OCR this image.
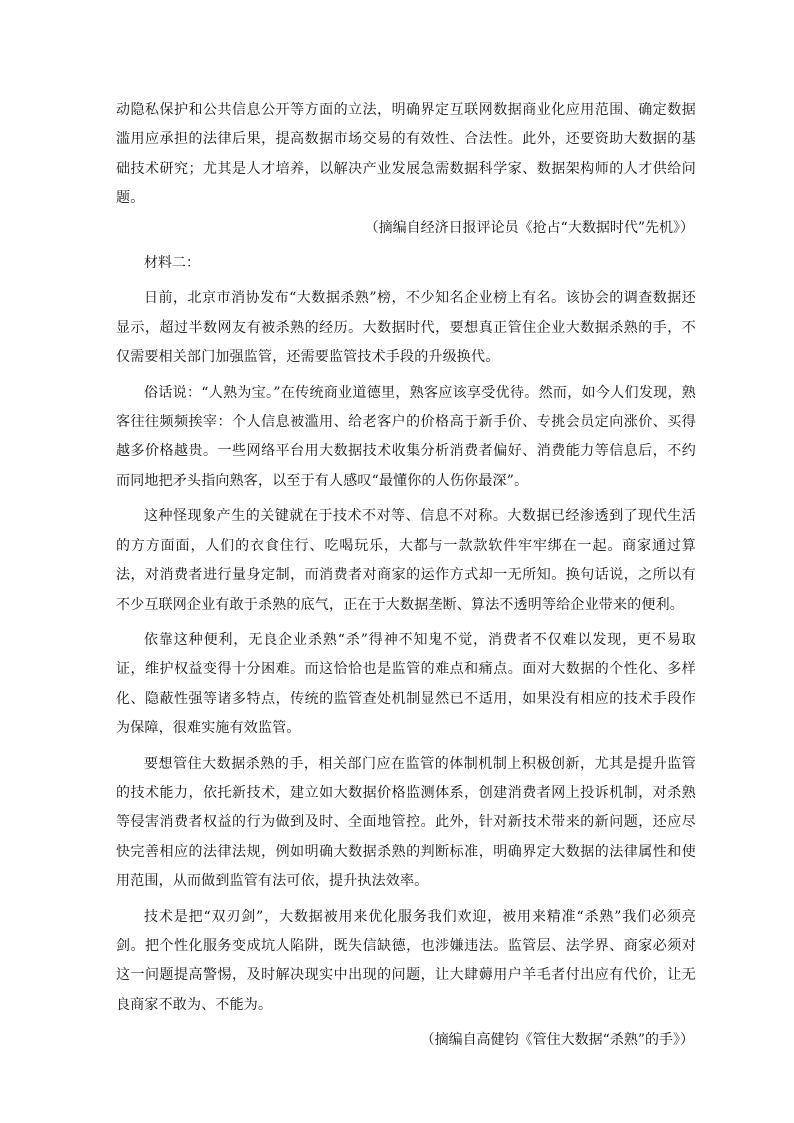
动隐私保护和公共信息公开等方面的立法，明确界定互联网数据商业化应用范围、确定数据滥用应承担的法律后果，提高数据市场交易的有效性、合法性。此外，还要资助大数据的基础技术研究；尤其是人才培养，以解决产业发展急需数据科学家、数据架构师的人才供给问题。

（摘编自经济日报评论员《抢占“大数据时代”先机》）

材料二：

日前，北京市消协发布“大数据杀熟”榜，不少知名企业榜上有名。该协会的调查数据还显示，超过半数网友有被杀熟的经历。大数据时代，要想真正管住企业大数据杀熟的手，不仅需要相关部门加强监管，还需要监管技术手段的升级换代。

俗话说：“人熟为宝。”在传统商业道德里，熟客应该享受优待。然而，如今人们发现，熟客往往频频挨宰：个人信息被滥用、给老客户的价格高于新手价、专挑会员定向涨价、买得越多价格越贵。一些网络平台用大数据技术收集分析消费者偏好、消费能力等信息后，不约而同地把矛头指向熟客，以至于有人感叹“最懂你的人伤你最深”。

这种怪现象产生的关键就在于技术不对等、信息不对称。大数据已经渗透到了现代生活的方方面面，人们的衣食住行、吃喝玩乐，大都与一款款软件牢牢绑在一起。商家通过算法，对消费者进行量身定制，而消费者对商家的运作方式却一无所知。换句话说，之所以有不少互联网企业有敢于杀熟的底气，正在于大数据垄断、算法不透明等给企业带来的便利。

依靠这种便利，无良企业杀熟“杀”得神不知鬼不觉，消费者不仅难以发现，更不易取证，维护权益变得十分困难。而这恰恰也是监管的难点和痛点。面对大数据的个性化、多样化、隐蔽性强等诸多特点，传统的监管查处机制显然已不适用，如果没有相应的技术手段作为保障，很难实施有效监管。

要想管住大数据杀熟的手，相关部门应在监管的体制机制上积极创新，尤其是提升监管的技术能力，依托新技术，建立如大数据价格监测体系，创建消费者网上投诉机制，对杀熟等侵害消费者权益的行为做到及时、全面地管控。此外，针对新技术带来的新问题，还应尽快完善相应的法律法规，例如明确大数据杀熟的判断标准，明确界定大数据的法律属性和使用范围，从而做到监管有法可依，提升执法效率。

技术是把“双刃剑”，大数据被用来优化服务我们欢迎，被用来精准“杀熟”我们必须亮剑。把个性化服务变成坑人陷阱，既失信缺德，也涉嫌违法。监管层、法学界、商家必须对这一问题提高警惕，及时解决现实中出现的问题，让大肆薅用户羊毛者付出应有代价，让无良商家不敢为、不能为。

（摘编自高健钧《管住大数据“杀熟”的手》）
